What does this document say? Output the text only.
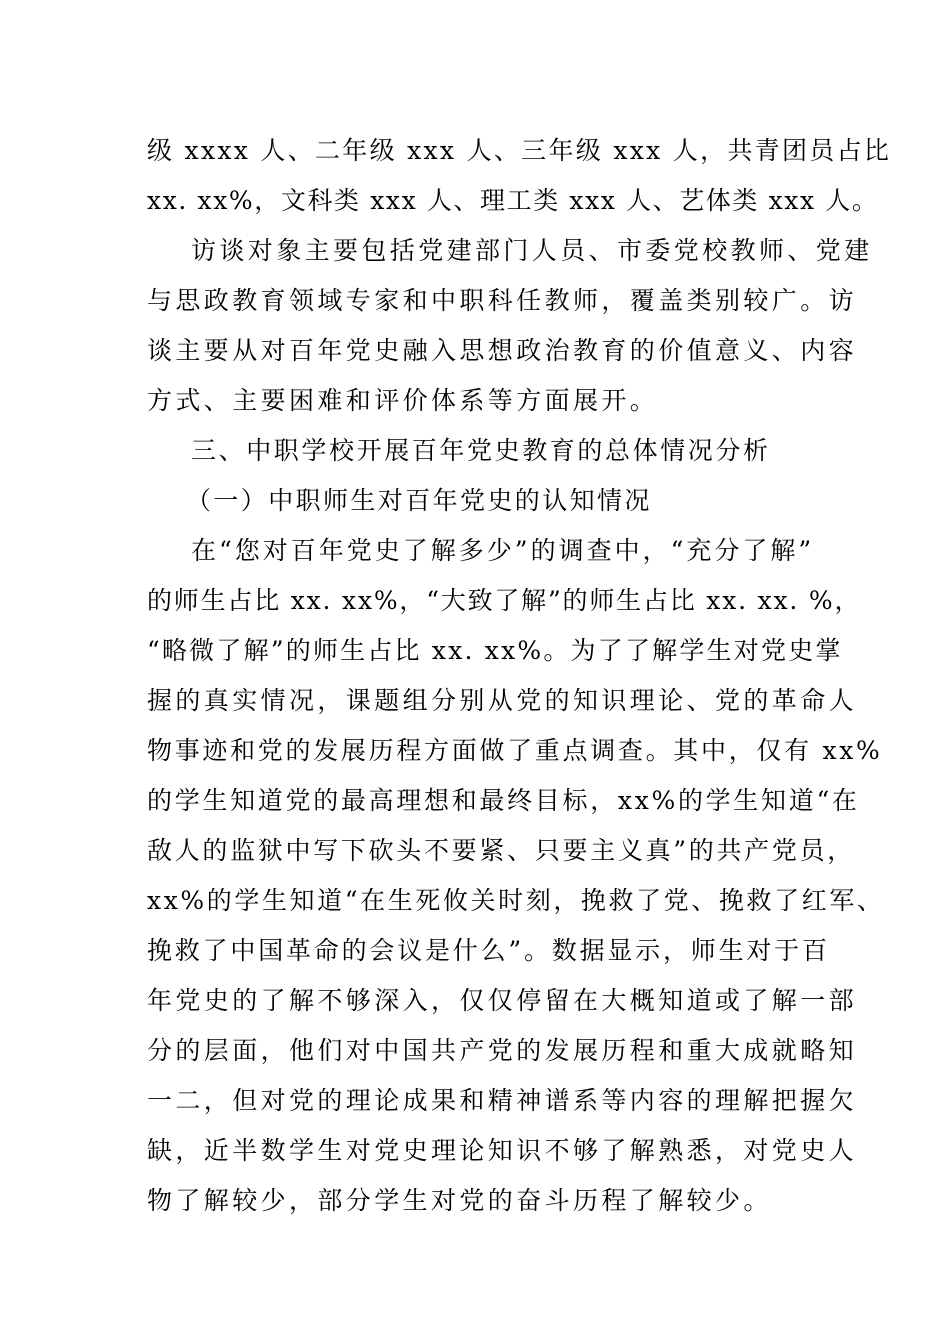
级 xxxx 人、二年级 xxx 人、三年级 xxx 人，共青团员占比
xx. xx%，文科类 xxx 人、理工类 xxx 人、艺体类 xxx 人。
访谈对象主要包括党建部门人员、市委党校教师、党建
与思政教育领域专家和中职科任教师，覆盖类别较广。访
谈主要从对百年党史融入思想政治教育的价值意义、内容
方式、主要困难和评价体系等方面展开。
三、中职学校开展百年党史教育的总体情况分析
（一）中职师生对百年党史的认知情况
在“您对百年党史了解多少”的调查中，“充分了解”
的师生占比 xx. xx%，“大致了解”的师生占比 xx. xx. %，
“略微了解”的师生占比 xx. xx%。为了了解学生对党史掌
握的真实情况，课题组分别从党的知识理论、党的革命人
物事迹和党的发展历程方面做了重点调查。其中，仅有 xx%
的学生知道党的最高理想和最终目标，xx%的学生知道“在
敌人的监狱中写下砍头不要紧、只要主义真”的共产党员，
xx%的学生知道“在生死攸关时刻，挽救了党、挽救了红军、
挽救了中国革命的会议是什么”。数据显示，师生对于百
年党史的了解不够深入，仅仅停留在大概知道或了解一部
分的层面，他们对中国共产党的发展历程和重大成就略知
一二，但对党的理论成果和精神谱系等内容的理解把握欠
缺，近半数学生对党史理论知识不够了解熟悉，对党史人
物了解较少，部分学生对党的奋斗历程了解较少。
